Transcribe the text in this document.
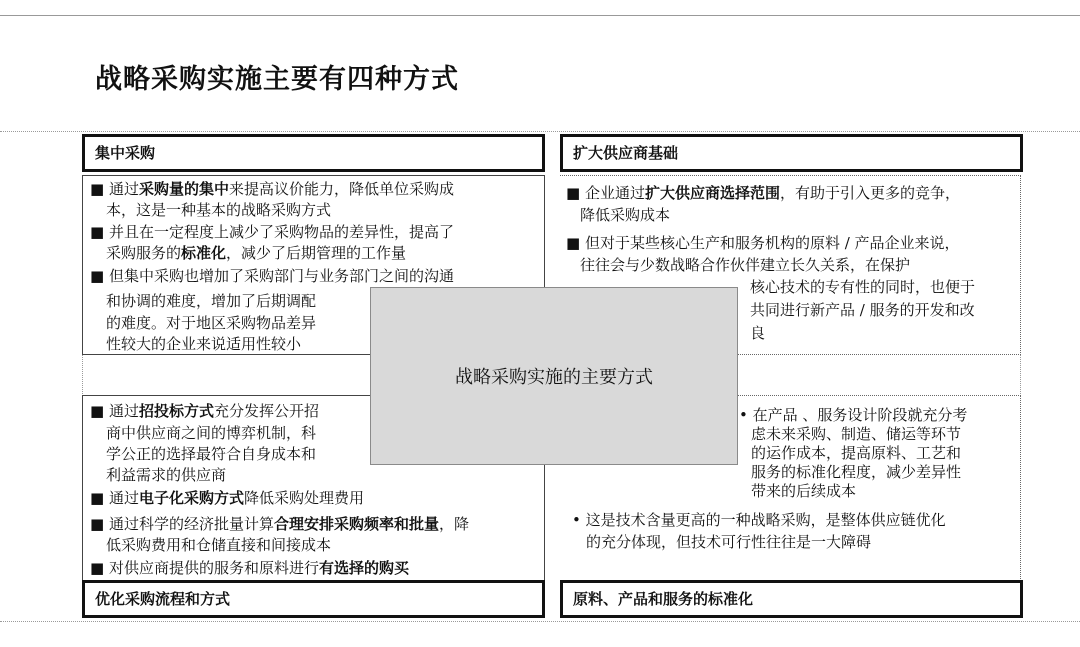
战略采购实施主要有四种方式
集中采购	扩大供应商基础
优化采购流程和方式	原料、产品和服务的标准化
■ 通过采购量的集中来提高议价能力，降低单位采购成
本，这是一种基本的战略采购方式
■ 并且在一定程度上减少了采购物品的差异性，提高了
采购服务的标准化，减少了后期管理的工作量
■ 但集中采购也增加了采购部门与业务部门之间的沟通
和协调的难度，增加了后期调配
的难度。对于地区采购物品差异
性较大的企业来说适用性较小
■ 企业通过扩大供应商选择范围，有助于引入更多的竞争，
降低采购成本
■ 但对于某些核心生产和服务机构的原料 / 产品企业来说，
往往会与少数战略合作伙伴建立长久关系，在保护
核心技术的专有性的同时，也便于
共同进行新产品 / 服务的开发和改
良
■ 通过招投标方式充分发挥公开招
商中供应商之间的博弈机制，科
学公正的选择最符合自身成本和
利益需求的供应商
■ 通过电子化采购方式降低采购处理费用
■ 通过科学的经济批量计算合理安排采购频率和批量，降
低采购费用和仓储直接和间接成本
■ 对供应商提供的服务和原料进行有选择的购买
• 在产品 、服务设计阶段就充分考
虑未来采购、制造、储运等环节
的运作成本，提高原料、工艺和
服务的标准化程度，减少差异性
带来的后续成本
• 这是技术含量更高的一种战略采购，是整体供应链优化
的充分体现，但技术可行性往往是一大障碍
战略采购实施的主要方式
